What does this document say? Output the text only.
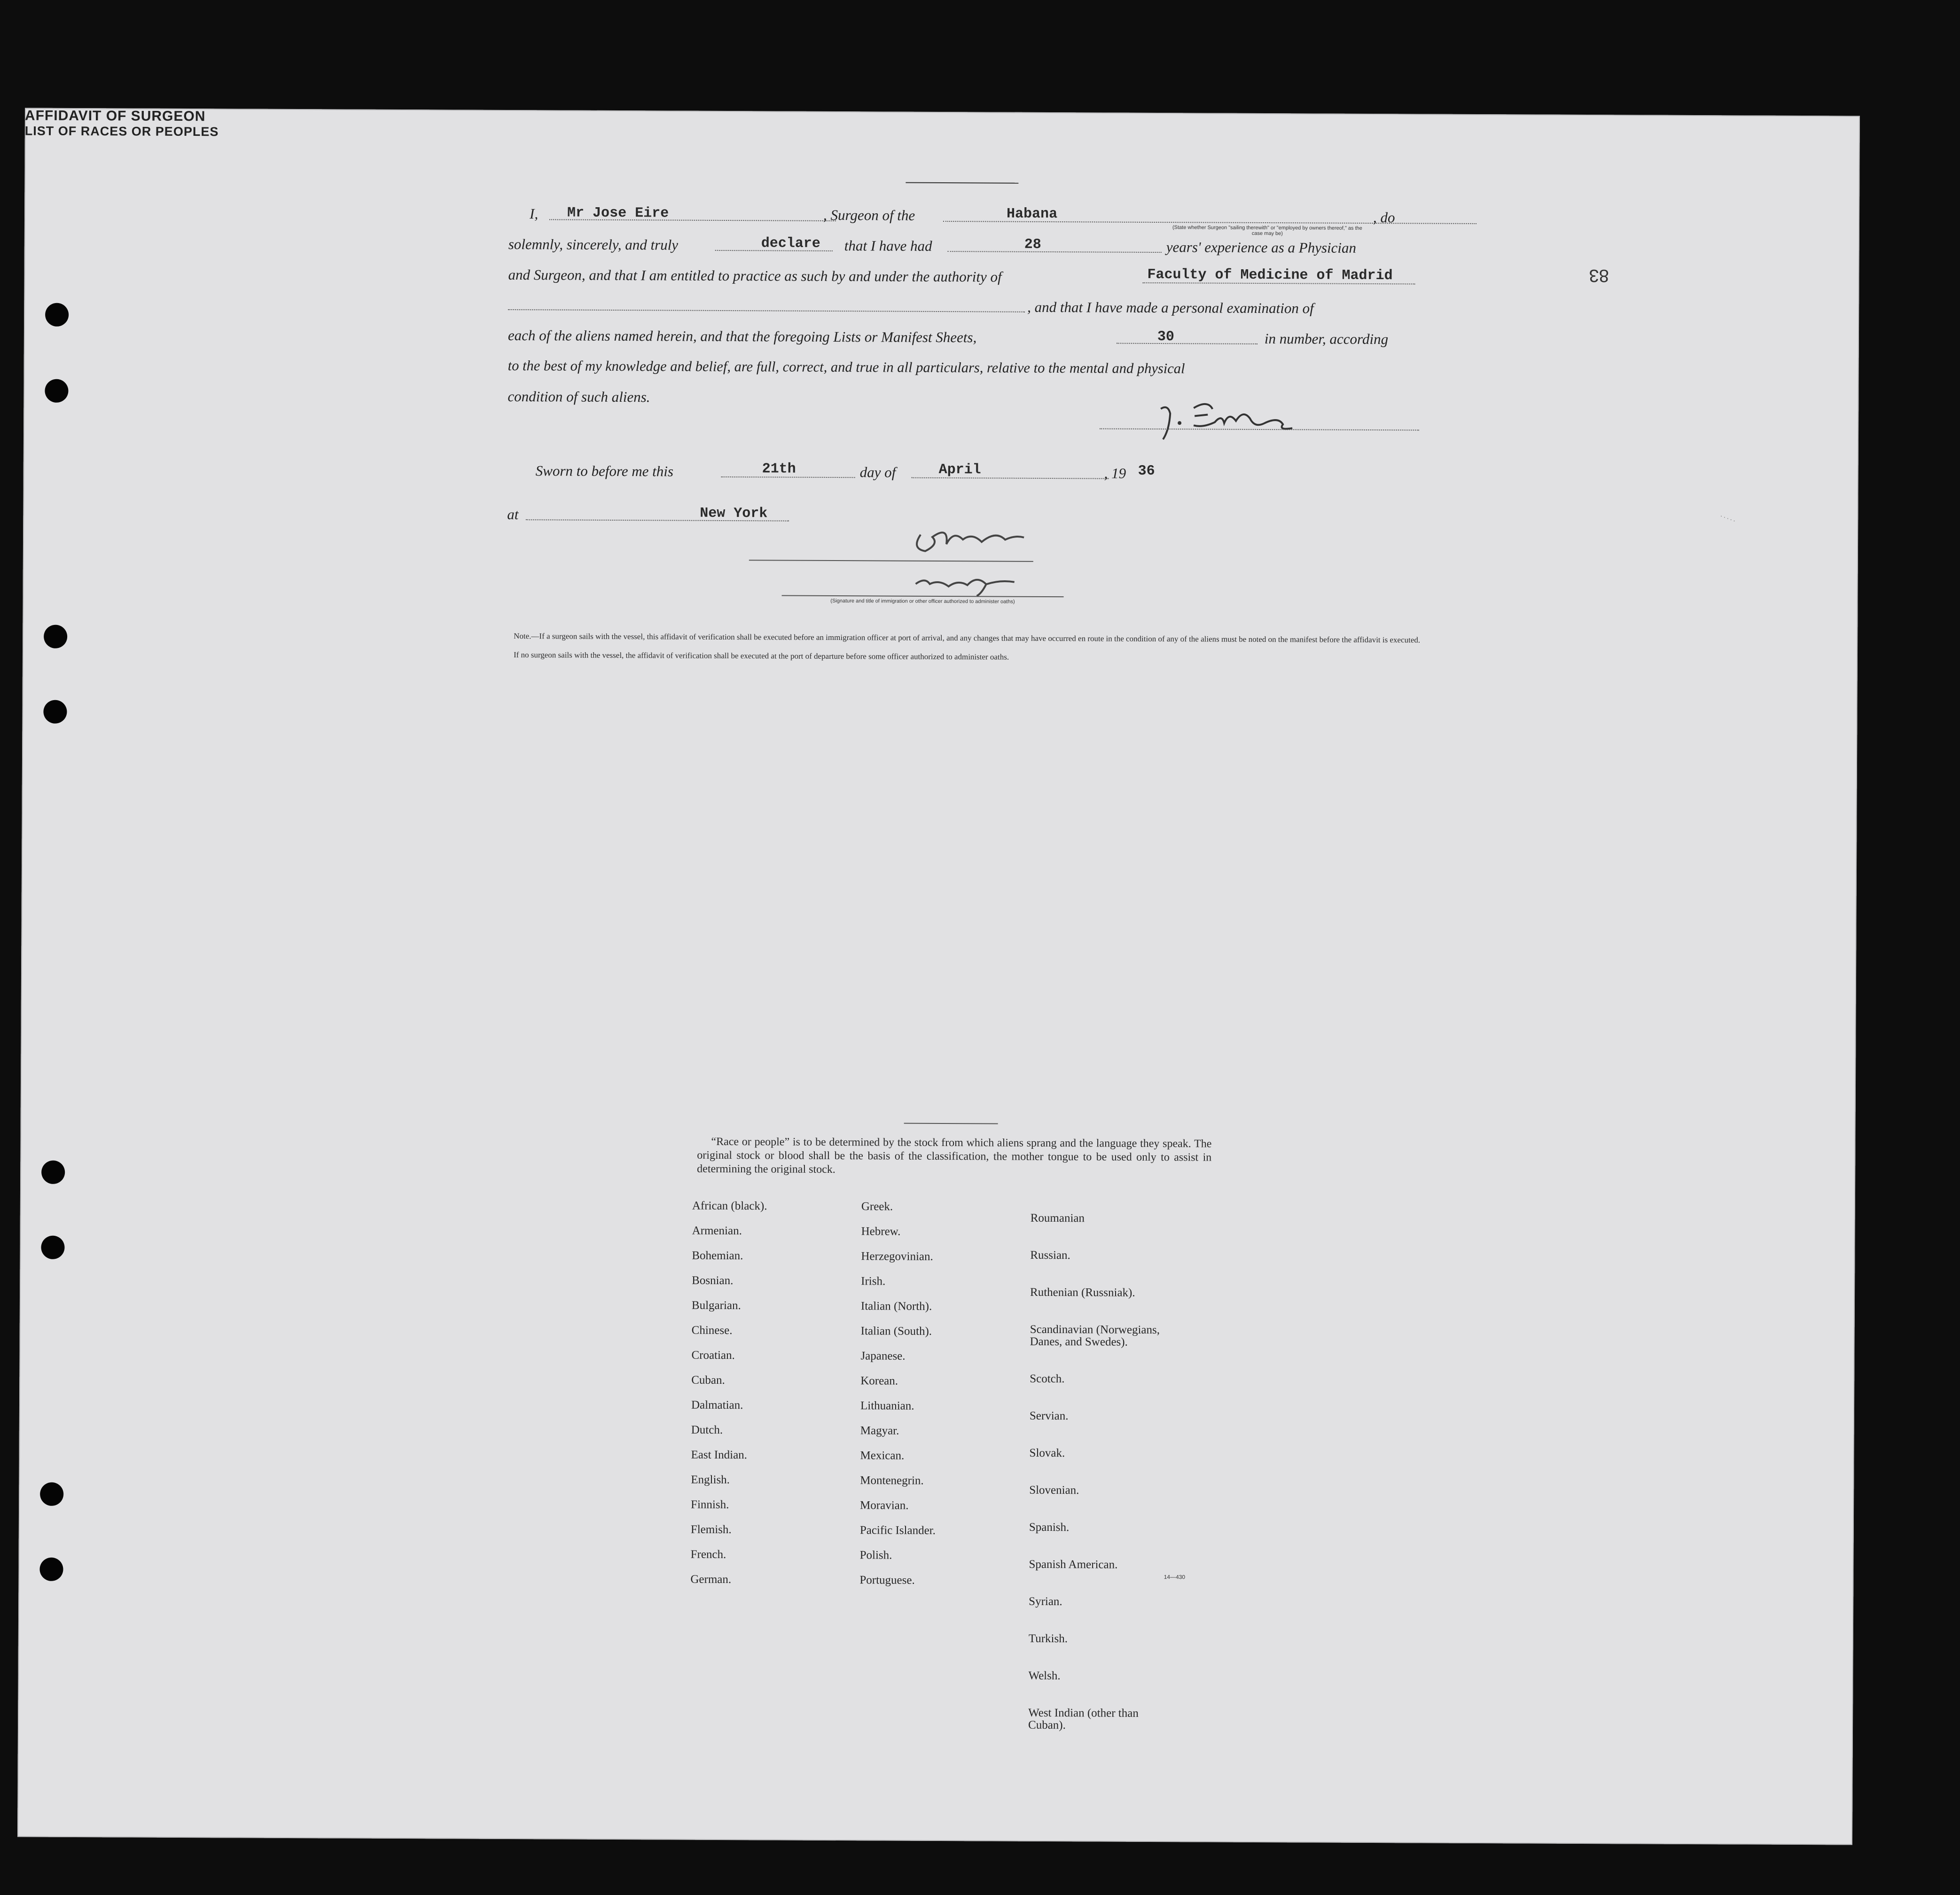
83
·····
AFFIDAVIT OF SURGEON
I, Mr Jose Eire	, Surgeon of the	Habana	, do
(State whether Surgeon "sailing therewith" or "employed by owners thereof," as the case may be)
solemnly, sincerely, and truly	declare that I have had	28	years' experience as a Physician
and Surgeon, and that I am entitled to practice as such by and under the authority of	Faculty of Medicine of Madrid
, and that I have made a personal examination of
each of the aliens named herein, and that the foregoing Lists or Manifest Sheets,	30	in number, according
to the best of my knowledge and belief, are full, correct, and true in all particulars, relative to the mental and physical
condition of such aliens.
Sworn to before me this	21th	day of	April	, 19 36
at	New York
(Signature and title of immigration or other officer authorized to administer oaths)
Note.—If a surgeon sails with the vessel, this affidavit of verification shall be executed before an immigration officer at port of arrival, and any changes that may have occurred en route in the condition of any of the aliens must be noted on the manifest before the affidavit is executed.
If no surgeon sails with the vessel, the affidavit of verification shall be executed at the port of departure before some officer authorized to administer oaths.
LIST OF RACES OR PEOPLES
“Race or people” is to be determined by the stock from which aliens sprang and the language they speak. The original stock or blood shall be the basis of the classification, the mother tongue to be used only to assist in determining the original stock.
African (black).
Armenian.
Bohemian.
Bosnian.
Bulgarian.
Chinese.
Croatian.
Cuban.
Dalmatian.
Dutch.
East Indian.
English.
Finnish.
Flemish.
French.
German.
Greek.
Hebrew.
Herzegovinian.
Irish.
Italian (North).
Italian (South).
Japanese.
Korean.
Lithuanian.
Magyar.
Mexican.
Montenegrin.
Moravian.
Pacific Islander.
Polish.
Portuguese.

Roumanian

Russian.

Ruthenian (Russniak).

Scandinavian (Norwegians,
Danes, and Swedes).

Scotch.

Servian.

Slovak.

Slovenian.

Spanish.

Spanish American.

Syrian.

Turkish.

Welsh.

West Indian (other than
Cuban).

14—430
